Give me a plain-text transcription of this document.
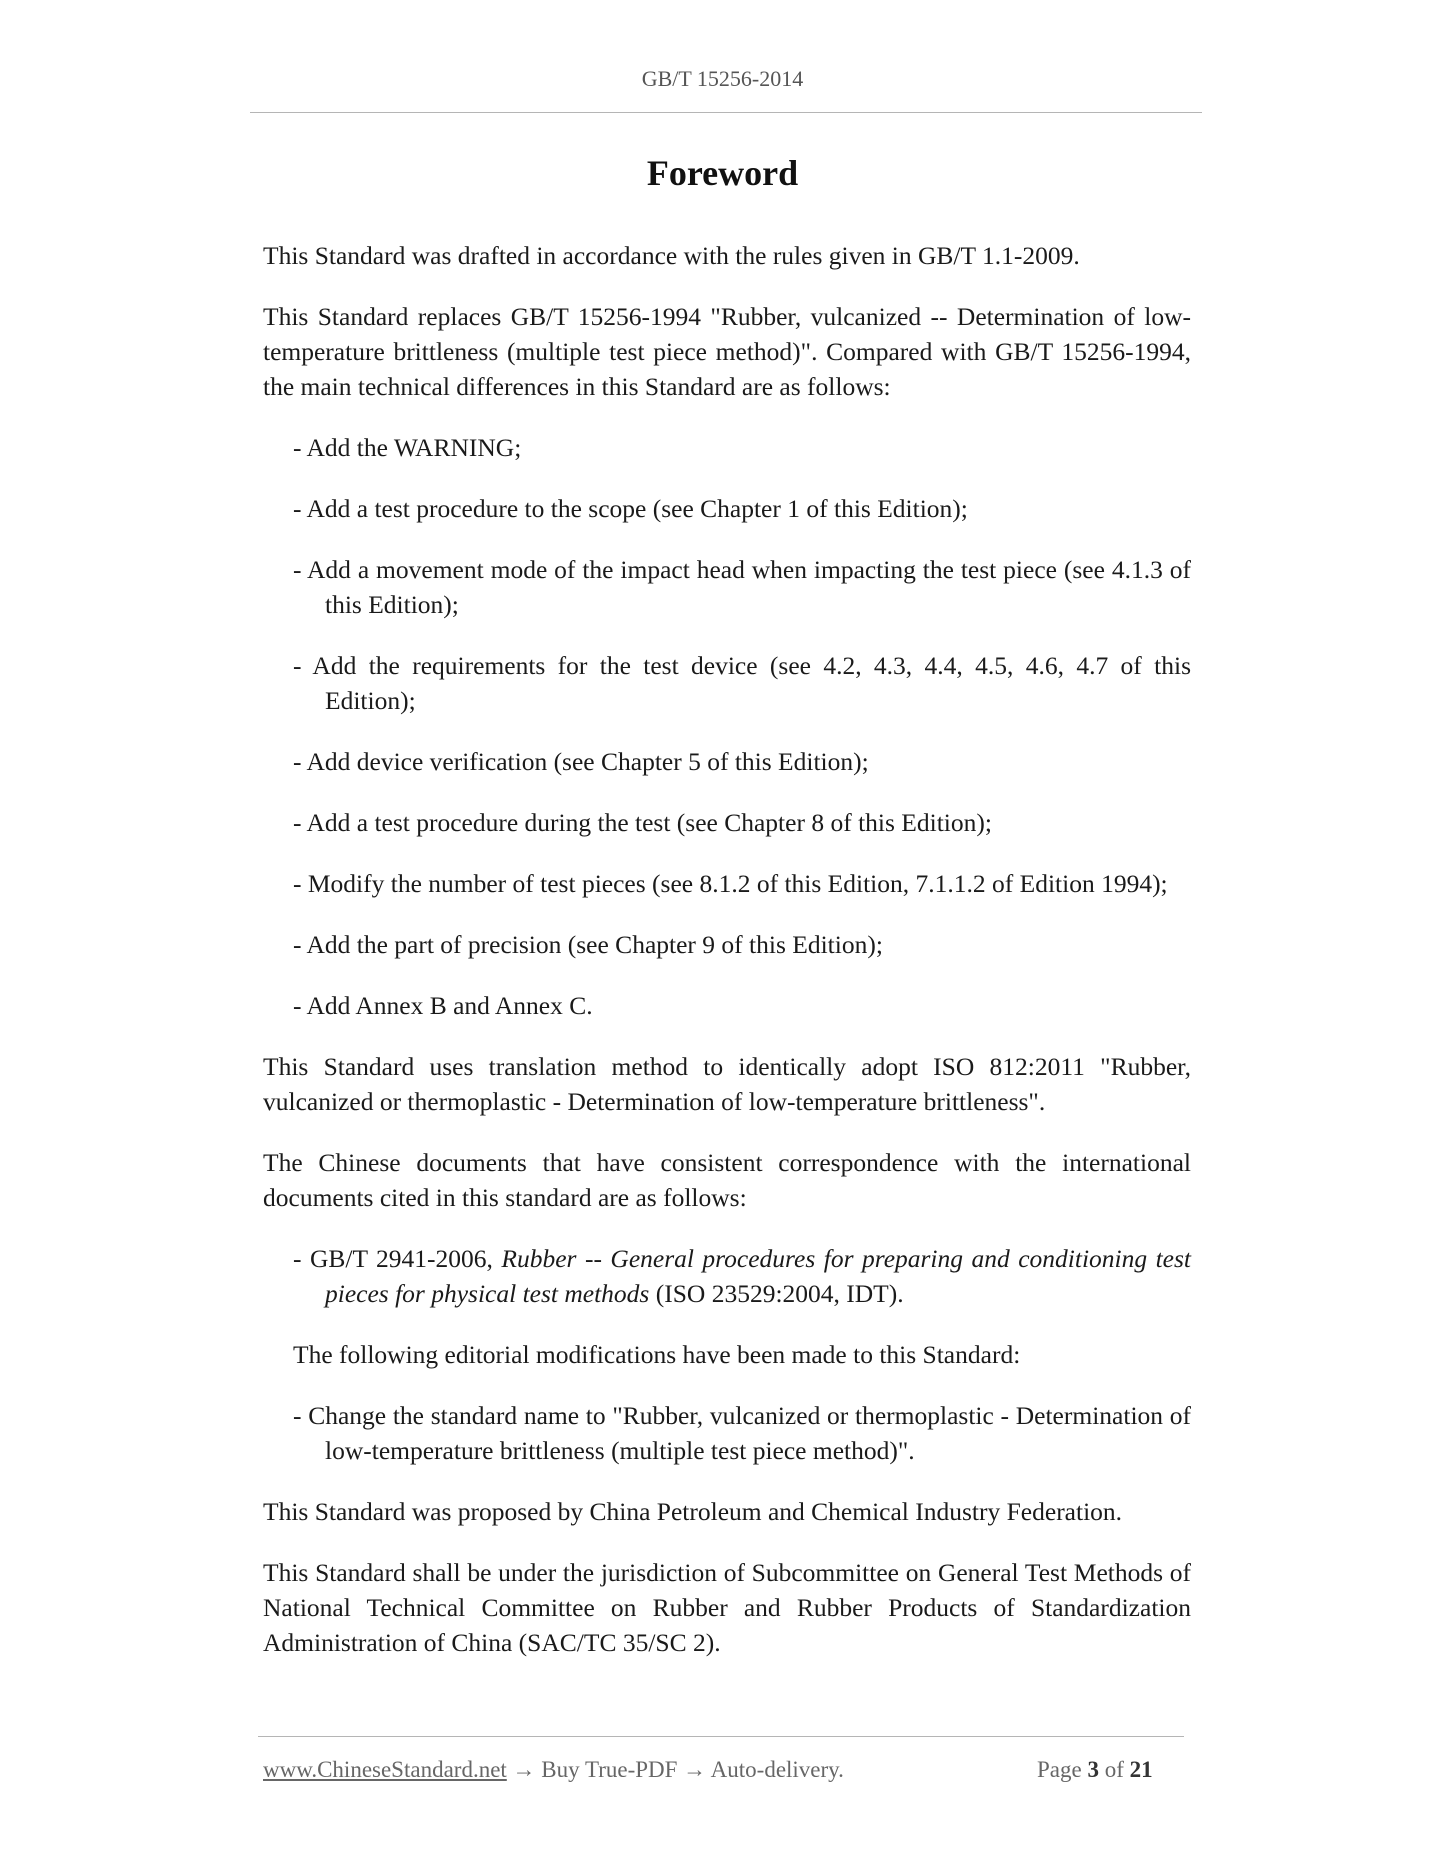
GB/T 15256-2014
Foreword

This Standard was drafted in accordance with the rules given in GB/T 1.1-2009.

This Standard replaces GB/T 15256-1994 "Rubber, vulcanized -- Determination of low-temperature brittleness (multiple test piece method)". Compared with GB/T 15256-1994, the main technical differences in this Standard are as follows:

- Add the WARNING;
- Add a test procedure to the scope (see Chapter 1 of this Edition);
- Add a movement mode of the impact head when impacting the test piece (see 4.1.3 of this Edition);
- Add the requirements for the test device (see 4.2, 4.3, 4.4, 4.5, 4.6, 4.7 of this Edition);
- Add device verification (see Chapter 5 of this Edition);
- Add a test procedure during the test (see Chapter 8 of this Edition);
- Modify the number of test pieces (see 8.1.2 of this Edition, 7.1.1.2 of Edition 1994);
- Add the part of precision (see Chapter 9 of this Edition);
- Add Annex B and Annex C.

This Standard uses translation method to identically adopt ISO 812:2011 "Rubber, vulcanized or thermoplastic - Determination of low-temperature brittleness".

The Chinese documents that have consistent correspondence with the international documents cited in this standard are as follows:

- GB/T 2941-2006, Rubber -- General procedures for preparing and conditioning test pieces for physical test methods (ISO 23529:2004, IDT).

The following editorial modifications have been made to this Standard:

- Change the standard name to "Rubber, vulcanized or thermoplastic - Determination of low-temperature brittleness (multiple test piece method)".

This Standard was proposed by China Petroleum and Chemical Industry Federation.

This Standard shall be under the jurisdiction of Subcommittee on General Test Methods of National Technical Committee on Rubber and Rubber Products of Standardization Administration of China (SAC/TC 35/SC 2).

www.ChineseStandard.net → Buy True-PDF → Auto-delivery.	Page 3 of 21
